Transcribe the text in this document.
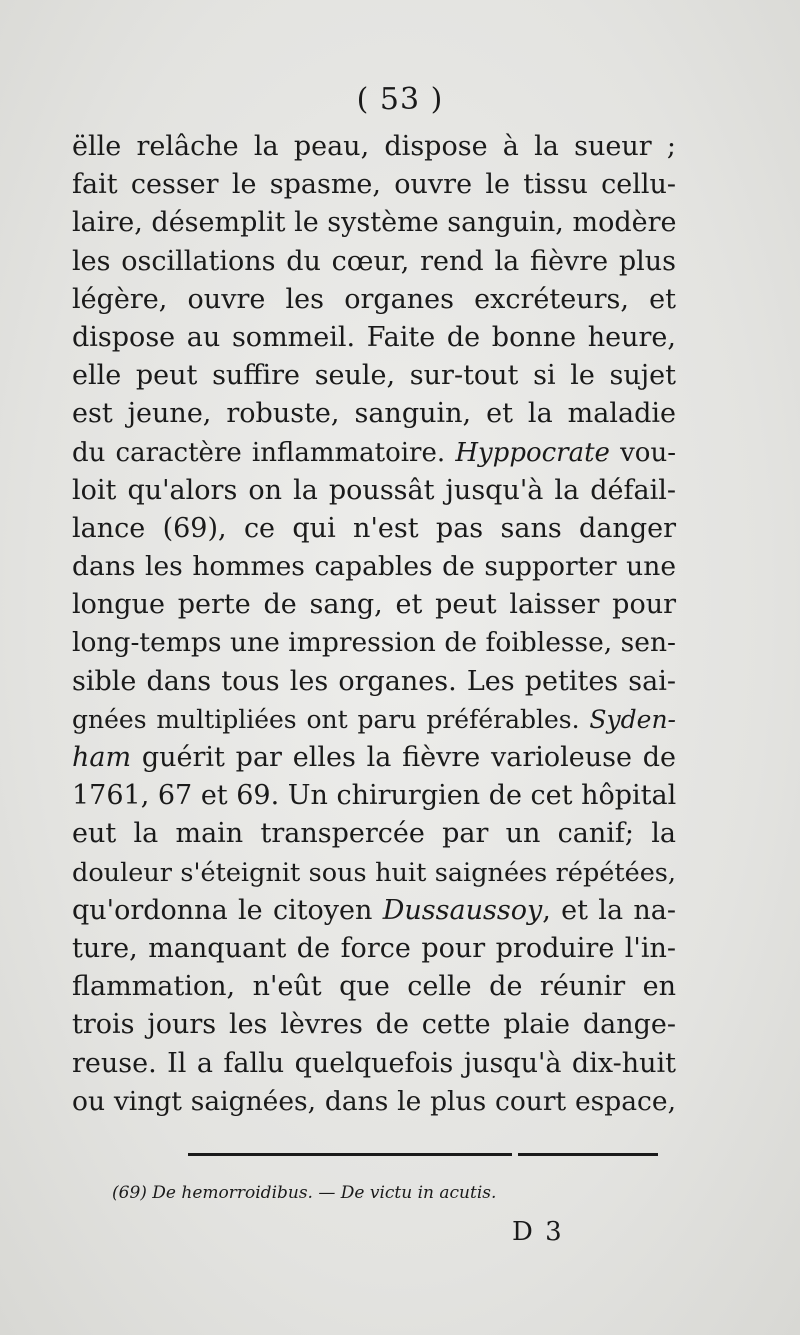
( 53 )
ëlle relâche la peau, dispose à la sueur ;
fait cesser le spasme, ouvre le tissu cellu-
laire, désemplit le système sanguin, modère
les oscillations du cœur, rend la fièvre plus
légère, ouvre les organes excréteurs, et
dispose au sommeil. Faite de bonne heure,
elle peut suffire seule, sur-tout si le sujet
est jeune, robuste, sanguin, et la maladie
du caractère inflammatoire. Hyppocrate vou-
loit qu'alors on la poussât jusqu'à la défail-
lance (69), ce qui n'est pas sans danger
dans les hommes capables de supporter une
longue perte de sang, et peut laisser pour
long-temps une impression de foiblesse, sen-
sible dans tous les organes. Les petites sai-
gnées multipliées ont paru préférables. Syden-
ham guérit par elles la fièvre varioleuse de
1761, 67 et 69. Un chirurgien de cet hôpital
eut la main transpercée par un canif; la
douleur s'éteignit sous huit saignées répétées,
qu'ordonna le citoyen Dussaussoy, et la na-
ture, manquant de force pour produire l'in-
flammation, n'eût que celle de réunir en
trois jours les lèvres de cette plaie dange-
reuse. Il a fallu quelquefois jusqu'à dix-huit
ou vingt saignées, dans le plus court espace,
(69) De hemorroidibus. — De victu in acutis.
D 3
